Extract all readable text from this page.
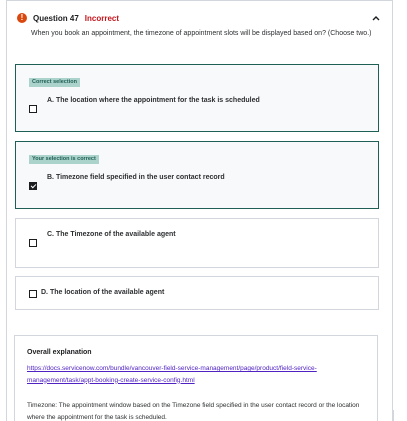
!	Question 47 Incorrect
When you book an appointment, the timezone of appointment slots will be displayed based on? (Choose two.)
Correct selection
A. The location where the appointment for the task is scheduled
Your selection is correct
B. Timezone field specified in the user contact record
C. The Timezone of the available agent
D. The location of the available agent
Overall explanation
https://docs.servicenow.com/bundle/vancouver-field-service-management/page/product/field-service-management/task/appt-booking-create-service-config.html
Timezone: The appointment window based on the Timezone field specified in the user contact record or the location where the appointment for the task is scheduled.
